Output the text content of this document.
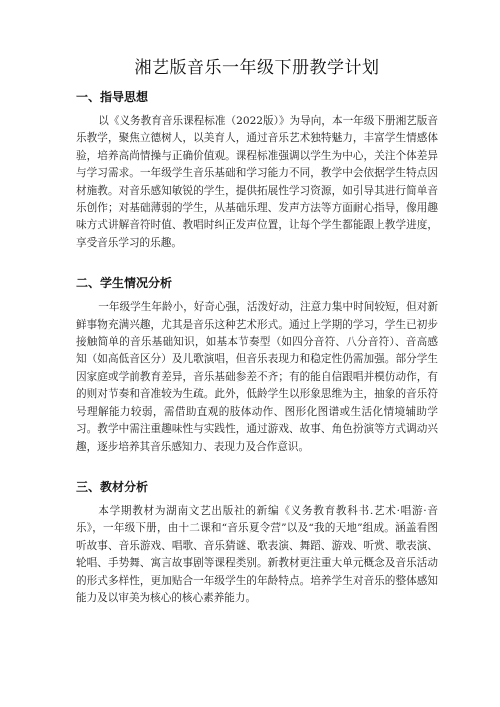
湘艺版音乐一年级下册教学计划
一、指导思想

以《义务教育音乐课程标准（2022版）》为导向，本一年级下册湘艺版音乐教学，聚焦立德树人，以美育人，通过音乐艺术独特魅力，丰富学生情感体验，培养高尚情操与正确价值观。课程标准强调以学生为中心，关注个体差异与学习需求。一年级学生音乐基础和学习能力不同，教学中会依据学生特点因材施教。对音乐感知敏锐的学生，提供拓展性学习资源，如引导其进行简单音乐创作；对基础薄弱的学生，从基础乐理、发声方法等方面耐心指导，像用趣味方式讲解音符时值、教唱时纠正发声位置，让每个学生都能跟上教学进度，享受音乐学习的乐趣。

二、学生情况分析

一年级学生年龄小，好奇心强，活泼好动，注意力集中时间较短，但对新鲜事物充满兴趣，尤其是音乐这种艺术形式。通过上学期的学习，学生已初步接触简单的音乐基础知识，如基本节奏型（如四分音符、八分音符）、音高感知（如高低音区分）及儿歌演唱，但音乐表现力和稳定性仍需加强。部分学生因家庭或学前教育差异，音乐基础参差不齐；有的能自信跟唱并模仿动作，有的则对节奏和音准较为生疏。此外，低龄学生以形象思维为主，抽象的音乐符号理解能力较弱，需借助直观的肢体动作、图形化图谱或生活化情境辅助学习。教学中需注重趣味性与实践性，通过游戏、故事、角色扮演等方式调动兴趣，逐步培养其音乐感知力、表现力及合作意识。

三、教材分析

本学期教材为湖南文艺出版社的新编《义务教育教科书.艺术·唱游·音乐》，一年级下册，由十二课和“音乐夏令营”以及“我的天地”组成。涵盖看图听故事、音乐游戏、唱歌、音乐猜谜、歌表演、舞蹈、游戏、听赏、歌表演、轮唱、手势舞、寓言故事剧等课程类别。新教材更注重大单元概念及音乐活动的形式多样性，更加贴合一年级学生的年龄特点。培养学生对音乐的整体感知能力及以审美为核心的核心素养能力。
